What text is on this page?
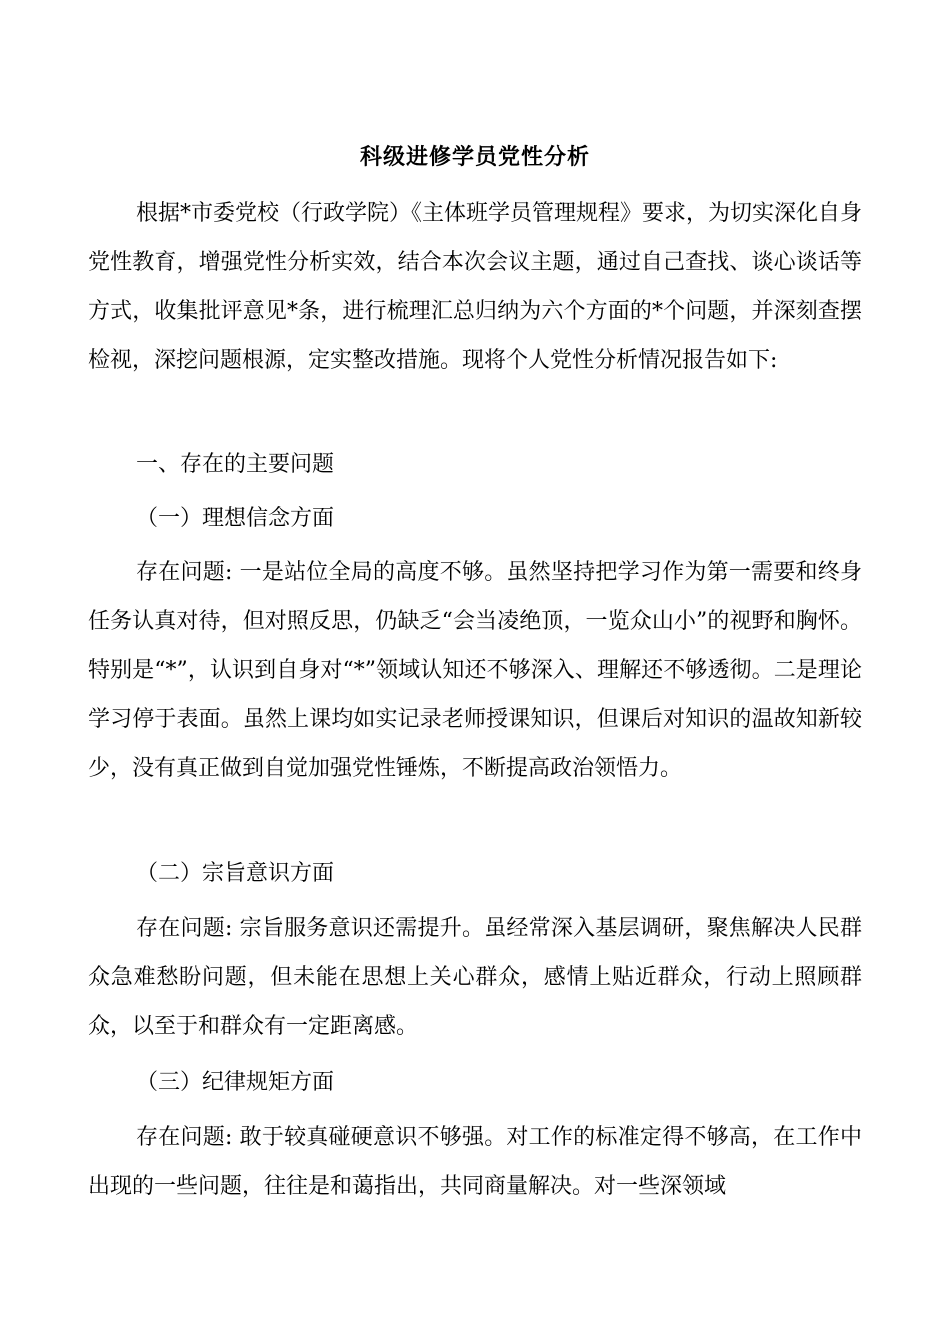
科级进修学员党性分析

根据*市委党校（行政学院）《主体班学员管理规程》要求，为切实深化自身党性教育，增强党性分析实效，结合本次会议主题，通过自己查找、谈心谈话等方式，收集批评意见*条，进行梳理汇总归纳为六个方面的*个问题，并深刻查摆检视，深挖问题根源，定实整改措施。现将个人党性分析情况报告如下:

一、存在的主要问题

（一）理想信念方面

存在问题: 一是站位全局的高度不够。虽然坚持把学习作为第一需要和终身任务认真对待，但对照反思，仍缺乏“会当凌绝顶，一览众山小”的视野和胸怀。特别是“*”，认识到自身对“*”领域认知还不够深入、理解还不够透彻。二是理论学习停于表面。虽然上课均如实记录老师授课知识，但课后对知识的温故知新较少，没有真正做到自觉加强党性锤炼，不断提高政治领悟力。

（二）宗旨意识方面

存在问题: 宗旨服务意识还需提升。虽经常深入基层调研，聚焦解决人民群众急难愁盼问题，但未能在思想上关心群众，感情上贴近群众，行动上照顾群众，以至于和群众有一定距离感。

（三）纪律规矩方面

存在问题: 敢于较真碰硬意识不够强。对工作的标准定得不够高，在工作中出现的一些问题，往往是和蔼指出，共同商量解决。对一些深领域
